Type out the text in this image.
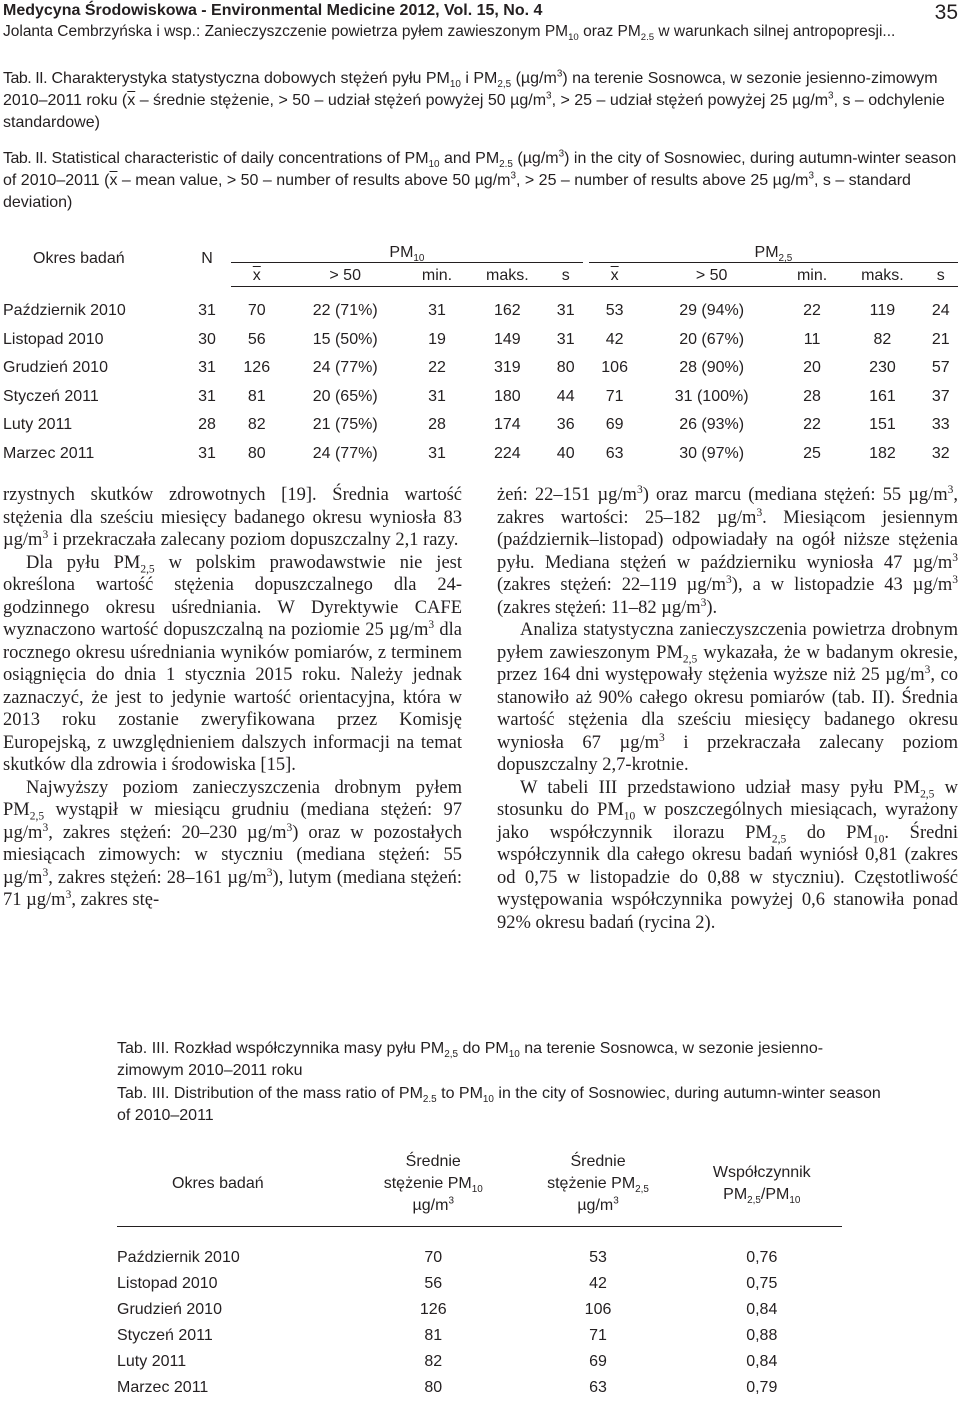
Medycyna Środowiskowa - Environmental Medicine 2012, Vol. 15, No. 4
Jolanta Cembrzyńska i wsp.: Zanieczyszczenie powietrza pyłem zawieszonym $PM_{10}$ oraz $PM_{2.5}$ w warunkach silnej antropopresji...
35
Tab. II. Charakterystyka statystyczna dobowych stężeń pyłu $PM_{10}$ i $PM_{2,5}$ $(\mu g/m^3)$ na terenie Sosnowca, w sezonie jesienno-zimowym 2010–2011 roku ($\overline{x}$ – średnie stężenie, > 50 – udział stężeń powyżej 50 $\mu g/m^3$, > 25 – udział stężeń powyżej 25 $\mu g/m^3$, s – odchylenie standardowe)
Tab. II. Statistical characteristic of daily concentrations of $PM_{10}$ and $PM_{2.5}$ $(\mu g/m^3)$ in the city of Sosnowiec, during autumn-winter season of 2010–2011 ($\overline{x}$ – mean value, > 50 – number of results above 50 $\mu g/m^3$, > 25 – number of results above 25 $\mu g/m^3$, s – standard deviation)
Okres badań	N	$PM_{10}$						$PM_{2,5}$
		$\overline{x}$	> 50	min.	maks.	s		$\overline{x}$	> 50	min.	maks.	s
Październik 2010	31	70	22 (71%)	31	162	31		53	29 (94%)	22	119	24
Listopad 2010	30	56	15 (50%)	19	149	31		42	20 (67%)	11	82	21
Grudzień 2010	31	126	24 (77%)	22	319	80		106	28 (90%)	20	230	57
Styczeń 2011	31	81	20 (65%)	31	180	44		71	31 (100%)	28	161	37
Luty 2011	28	82	21 (75%)	28	174	36		69	26 (93%)	22	151	33
Marzec 2011	31	80	24 (77%)	31	224	40		63	30 (97%)	25	182	32

rzystnych skutków zdrowotnych [19]. Średnia wartość stężenia dla sześciu miesięcy badanego okresu wyniosła 83 $\mu g/m^3$ i przekraczała zalecany poziom dopuszczalny 2,1 razy.

Dla pyłu $PM_{2,5}$ w polskim prawodawstwie nie jest określona wartość stężenia dopuszczalnego dla 24-godzinnego okresu uśredniania. W Dyrektywie CAFE wyznaczono wartość dopuszczalną na poziomie 25 $\mu g/m^3$ dla rocznego okresu uśredniania wyników pomiarów, z terminem osiągnięcia do dnia 1 stycznia 2015 roku. Należy jednak zaznaczyć, że jest to jedynie wartość orientacyjna, która w 2013 roku zostanie zweryfikowana przez Komisję Europejską, z uwzględnieniem dalszych informacji na temat skutków dla zdrowia i środowiska [15].

Najwyższy poziom zanieczyszczenia drobnym pyłem $PM_{2,5}$ wystąpił w miesiącu grudniu (mediana stężeń: 97 $\mu g/m^3$, zakres stężeń: 20–230 $\mu g/m^3$) oraz w pozostałych miesiącach zimowych: w styczniu (mediana stężeń: 55 $\mu g/m^3$, zakres stężeń: 28–161 $\mu g/m^3$), lutym (mediana stężeń: 71 $\mu g/m^3$, zakres stę-

żeń: 22–151 $\mu g/m^3$) oraz marcu (mediana stężeń: 55 $\mu g/m^3$, zakres wartości: 25–182 $\mu g/m^3$. Miesiącom jesiennym (październik–listopad) odpowiadały na ogół niższe stężenia pyłu. Mediana stężeń w październiku wyniosła 47 $\mu g/m^3$ (zakres stężeń: 22–119 $\mu g/m^3$), a w listopadzie 43 $\mu g/m^3$ (zakres stężeń: 11–82 $\mu g/m^3$).

Analiza statystyczna zanieczyszczenia powietrza drobnym pyłem zawieszonym $PM_{2,5}$ wykazała, że w badanym okresie, przez 164 dni występowały stężenia wyższe niż 25 $\mu g/m^3$, co stanowiło aż 90% całego okresu pomiarów (tab. II). Średnia wartość stężenia dla sześciu miesięcy badanego okresu wyniosła 67 $\mu g/m^3$ i przekraczała zalecany poziom dopuszczalny 2,7-krotnie.

W tabeli III przedstawiono udział masy pyłu $PM_{2,5}$ w stosunku do $PM_{10}$ w poszczególnych miesiącach, wyrażony jako współczynnik ilorazu $PM_{2,5}$ do $PM_{10}$. Średni współczynnik dla całego okresu badań wyniósł 0,81 (zakres od 0,75 w listopadzie do 0,88 w styczniu). Częstotliwość występowania współczynnika powyżej 0,6 stanowiła ponad 92% okresu badań (rycina 2).

Tab. III. Rozkład współczynnika masy pyłu $PM_{2,5}$ do $PM_{10}$ na terenie Sosnowca, w sezonie jesienno-zimowym 2010–2011 roku
Tab. III. Distribution of the mass ratio of $PM_{2.5}$ to $PM_{10}$ in the city of Sosnowiec, during autumn-winter season of 2010–2011
Okres badań	Średnie
stężenie $PM_{10}$
$\mu g/m^3$	Średnie
stężenie $PM_{2,5}$
$\mu g/m^3$	Współczynnik
$PM_{2,5}/PM_{10}$
Październik 2010	70	53	0,76
Listopad 2010	56	42	0,75
Grudzień 2010	126	106	0,84
Styczeń 2011	81	71	0,88
Luty 2011	82	69	0,84
Marzec 2011	80	63	0,79
